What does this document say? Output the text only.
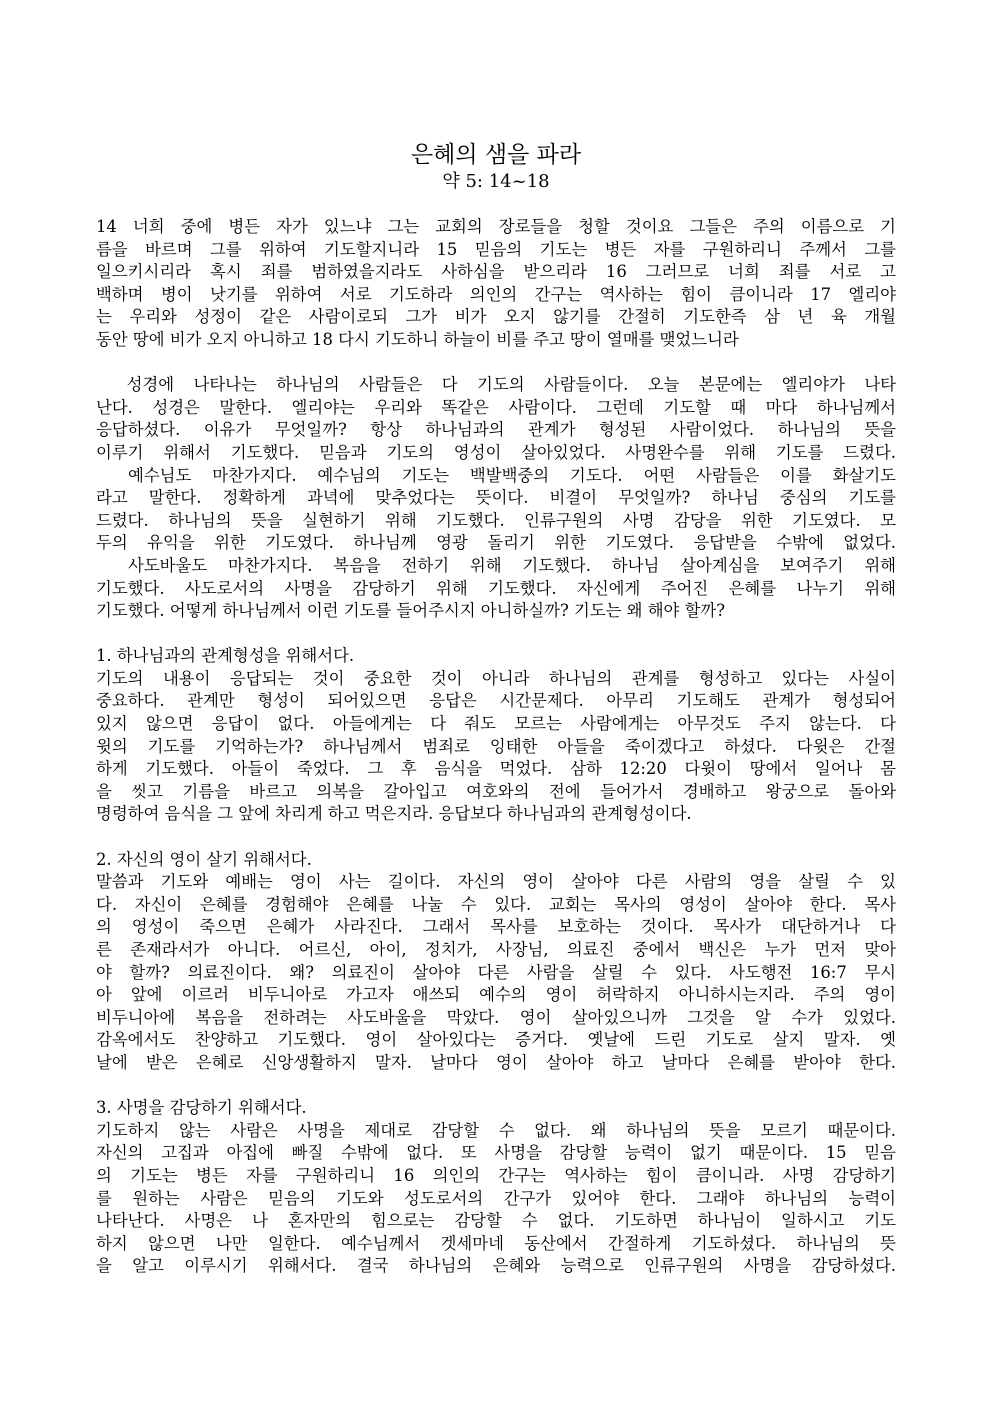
은혜의 샘을 파라
약 5: 14~18
14 너희 중에 병든 자가 있느냐 그는 교회의 장로들을 청할 것이요 그들은 주의 이름으로 기
름을 바르며 그를 위하여 기도할지니라 15 믿음의 기도는 병든 자를 구원하리니 주께서 그를
일으키시리라 혹시 죄를 범하였을지라도 사하심을 받으리라 16 그러므로 너희 죄를 서로 고
백하며 병이 낫기를 위하여 서로 기도하라 의인의 간구는 역사하는 힘이 큼이니라 17 엘리야
는 우리와 성정이 같은 사람이로되 그가 비가 오지 않기를 간절히 기도한즉 삼 년 육 개월
동안 땅에 비가 오지 아니하고 18 다시 기도하니 하늘이 비를 주고 땅이 열매를 맺었느니라
　성경에 나타나는 하나님의 사람들은 다 기도의 사람들이다. 오늘 본문에는 엘리야가 나타
난다. 성경은 말한다. 엘리야는 우리와 똑같은 사람이다. 그런데 기도할 때 마다 하나님께서
응답하셨다. 이유가 무엇일까? 항상 하나님과의 관계가 형성된 사람이었다. 하나님의 뜻을
이루기 위해서 기도했다. 믿음과 기도의 영성이 살아있었다. 사명완수를 위해 기도를 드렸다.
　예수님도 마찬가지다. 예수님의 기도는 백발백중의 기도다. 어떤 사람들은 이를 화살기도
라고 말한다. 정확하게 과녁에 맞추었다는 뜻이다. 비결이 무엇일까? 하나님 중심의 기도를
드렸다. 하나님의 뜻을 실현하기 위해 기도했다. 인류구원의 사명 감당을 위한 기도였다. 모
두의 유익을 위한 기도였다. 하나님께 영광 돌리기 위한 기도였다. 응답받을 수밖에 없었다.
　사도바울도 마찬가지다. 복음을 전하기 위해 기도했다. 하나님 살아계심을 보여주기 위해
기도했다. 사도로서의 사명을 감당하기 위해 기도했다. 자신에게 주어진 은혜를 나누기 위해
기도했다. 어떻게 하나님께서 이런 기도를 들어주시지 아니하실까? 기도는 왜 해야 할까?
1. 하나님과의 관계형성을 위해서다.
기도의 내용이 응답되는 것이 중요한 것이 아니라 하나님의 관계를 형성하고 있다는 사실이
중요하다. 관계만 형성이 되어있으면 응답은 시간문제다. 아무리 기도해도 관계가 형성되어
있지 않으면 응답이 없다. 아들에게는 다 줘도 모르는 사람에게는 아무것도 주지 않는다. 다
윗의 기도를 기억하는가? 하나님께서 범죄로 잉태한 아들을 죽이겠다고 하셨다. 다윗은 간절
하게 기도했다. 아들이 죽었다. 그 후 음식을 먹었다. 삼하 12:20 다윗이 땅에서 일어나 몸
을 씻고 기름을 바르고 의복을 갈아입고 여호와의 전에 들어가서 경배하고 왕궁으로 돌아와
명령하여 음식을 그 앞에 차리게 하고 먹은지라. 응답보다 하나님과의 관계형성이다.
2. 자신의 영이 살기 위해서다.
말씀과 기도와 예배는 영이 사는 길이다. 자신의 영이 살아야 다른 사람의 영을 살릴 수 있
다. 자신이 은혜를 경험해야 은혜를 나눌 수 있다. 교회는 목사의 영성이 살아야 한다. 목사
의 영성이 죽으면 은혜가 사라진다. 그래서 목사를 보호하는 것이다. 목사가 대단하거나 다
른 존재라서가 아니다. 어르신, 아이, 정치가, 사장님, 의료진 중에서 백신은 누가 먼저 맞아
야 할까? 의료진이다. 왜? 의료진이 살아야 다른 사람을 살릴 수 있다. 사도행전 16:7 무시
아 앞에 이르러 비두니아로 가고자 애쓰되 예수의 영이 허락하지 아니하시는지라. 주의 영이
비두니아에 복음을 전하려는 사도바울을 막았다. 영이 살아있으니까 그것을 알 수가 있었다.
감옥에서도 찬양하고 기도했다. 영이 살아있다는 증거다. 옛날에 드린 기도로 살지 말자. 옛
날에 받은 은혜로 신앙생활하지 말자. 날마다 영이 살아야 하고 날마다 은혜를 받아야 한다.
3. 사명을 감당하기 위해서다.
기도하지 않는 사람은 사명을 제대로 감당할 수 없다. 왜 하나님의 뜻을 모르기 때문이다.
자신의 고집과 아집에 빠질 수밖에 없다. 또 사명을 감당할 능력이 없기 때문이다. 15 믿음
의 기도는 병든 자를 구원하리니 16 의인의 간구는 역사하는 힘이 큼이니라. 사명 감당하기
를 원하는 사람은 믿음의 기도와 성도로서의 간구가 있어야 한다. 그래야 하나님의 능력이
나타난다. 사명은 나 혼자만의 힘으로는 감당할 수 없다. 기도하면 하나님이 일하시고 기도
하지 않으면 나만 일한다. 예수님께서 겟세마네 동산에서 간절하게 기도하셨다. 하나님의 뜻
을 알고 이루시기 위해서다. 결국 하나님의 은혜와 능력으로 인류구원의 사명을 감당하셨다.
